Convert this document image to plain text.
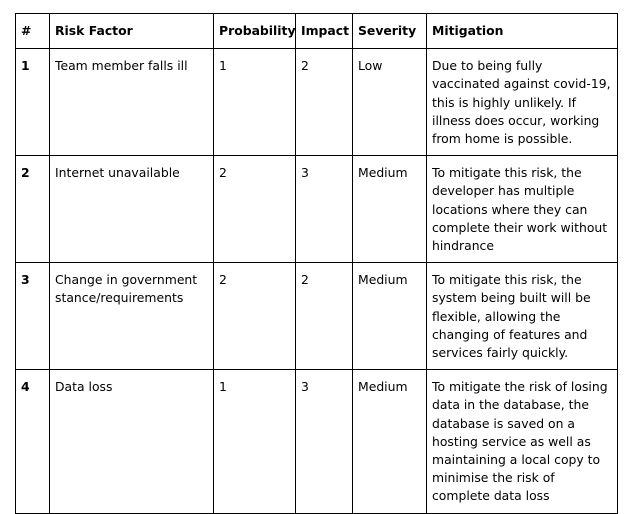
#	Risk Factor	Probability	Impact	Severity	Mitigation
1	Team member falls ill	1	2	Low	Due to being fully vaccinated against covid-19, this is highly unlikely. If illness does occur, working from home is possible.
2	Internet unavailable	2	3	Medium	To mitigate this risk, the developer has multiple locations where they can complete their work without hindrance
3	Change in government stance/requirements	2	2	Medium	To mitigate this risk, the system being built will be flexible, allowing the changing of features and services fairly quickly.
4	Data loss	1	3	Medium	To mitigate the risk of losing data in the database, the database is saved on a hosting service as well as maintaining a local copy to minimise the risk of complete data loss
